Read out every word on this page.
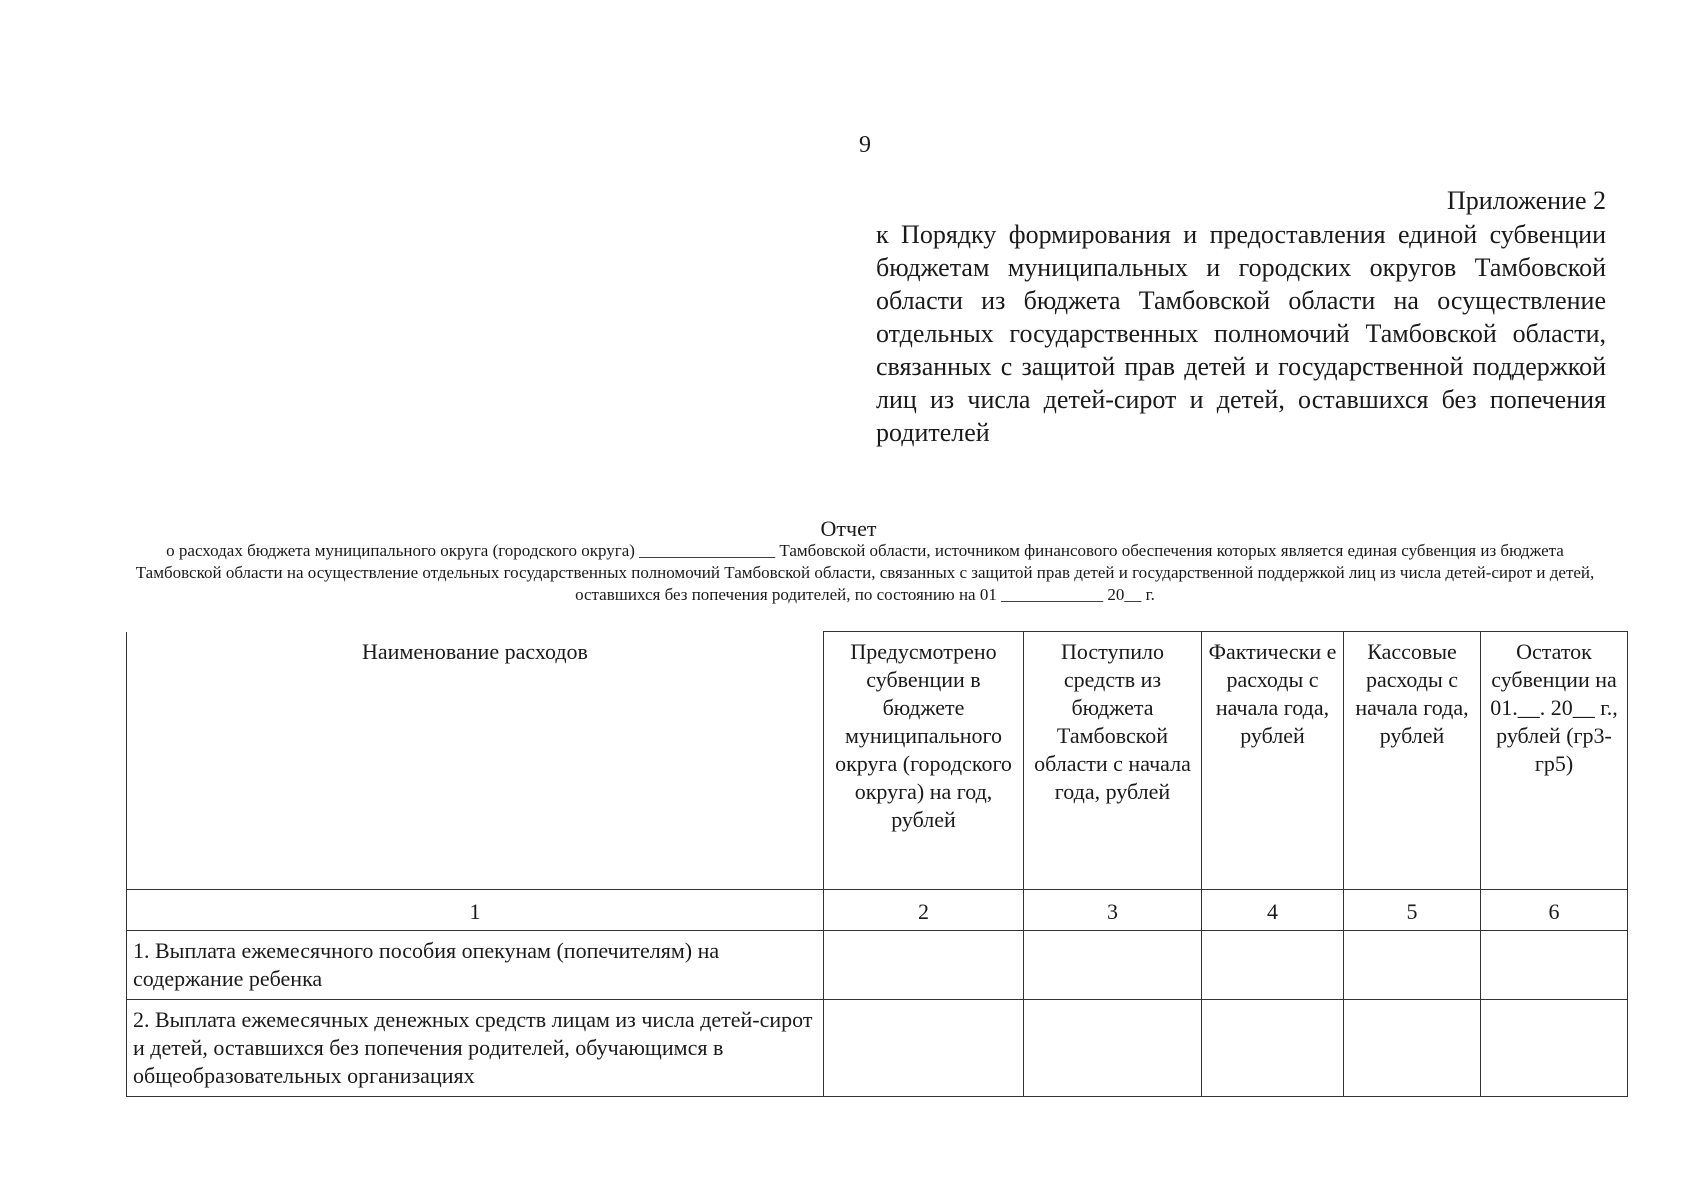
9
Приложение 2
к Порядку формирования и предоставления единой субвенции бюджетам муниципальных и городских округов Тамбовской области из бюджета Тамбовской области на осуществление отдельных государственных полномочий Тамбовской области, связанных с защитой прав детей и государственной поддержкой лиц из числа детей-сирот и детей, оставшихся без попечения родителей
Отчет
о расходах бюджета муниципального округа (городского округа) ________________ Тамбовской области, источником финансового обеспечения которых является единая субвенция из бюджета Тамбовской области на осуществление отдельных государственных полномочий Тамбовской области, связанных с защитой прав детей и государственной поддержкой лиц из числа детей-сирот и детей, оставшихся без попечения родителей, по состоянию на 01 ____________ 20__ г.
Наименование расходов	Предусмотрено субвенции в бюджете муниципального округа (городского округа) на год, рублей	Поступило средств из бюджета Тамбовской области с начала года, рублей	Фактически е расходы с начала года, рублей	Кассовые расходы с начала года, рублей	Остаток субвенции на 01.__. 20__ г., рублей (гр3-гр5)
1	2	3	4	5	6
1. Выплата ежемесячного пособия опекунам (попечителям) на содержание ребенка					
2. Выплата ежемесячных денежных средств лицам из числа детей-сирот и детей, оставшихся без попечения родителей, обучающимся в общеобразовательных организациях					
